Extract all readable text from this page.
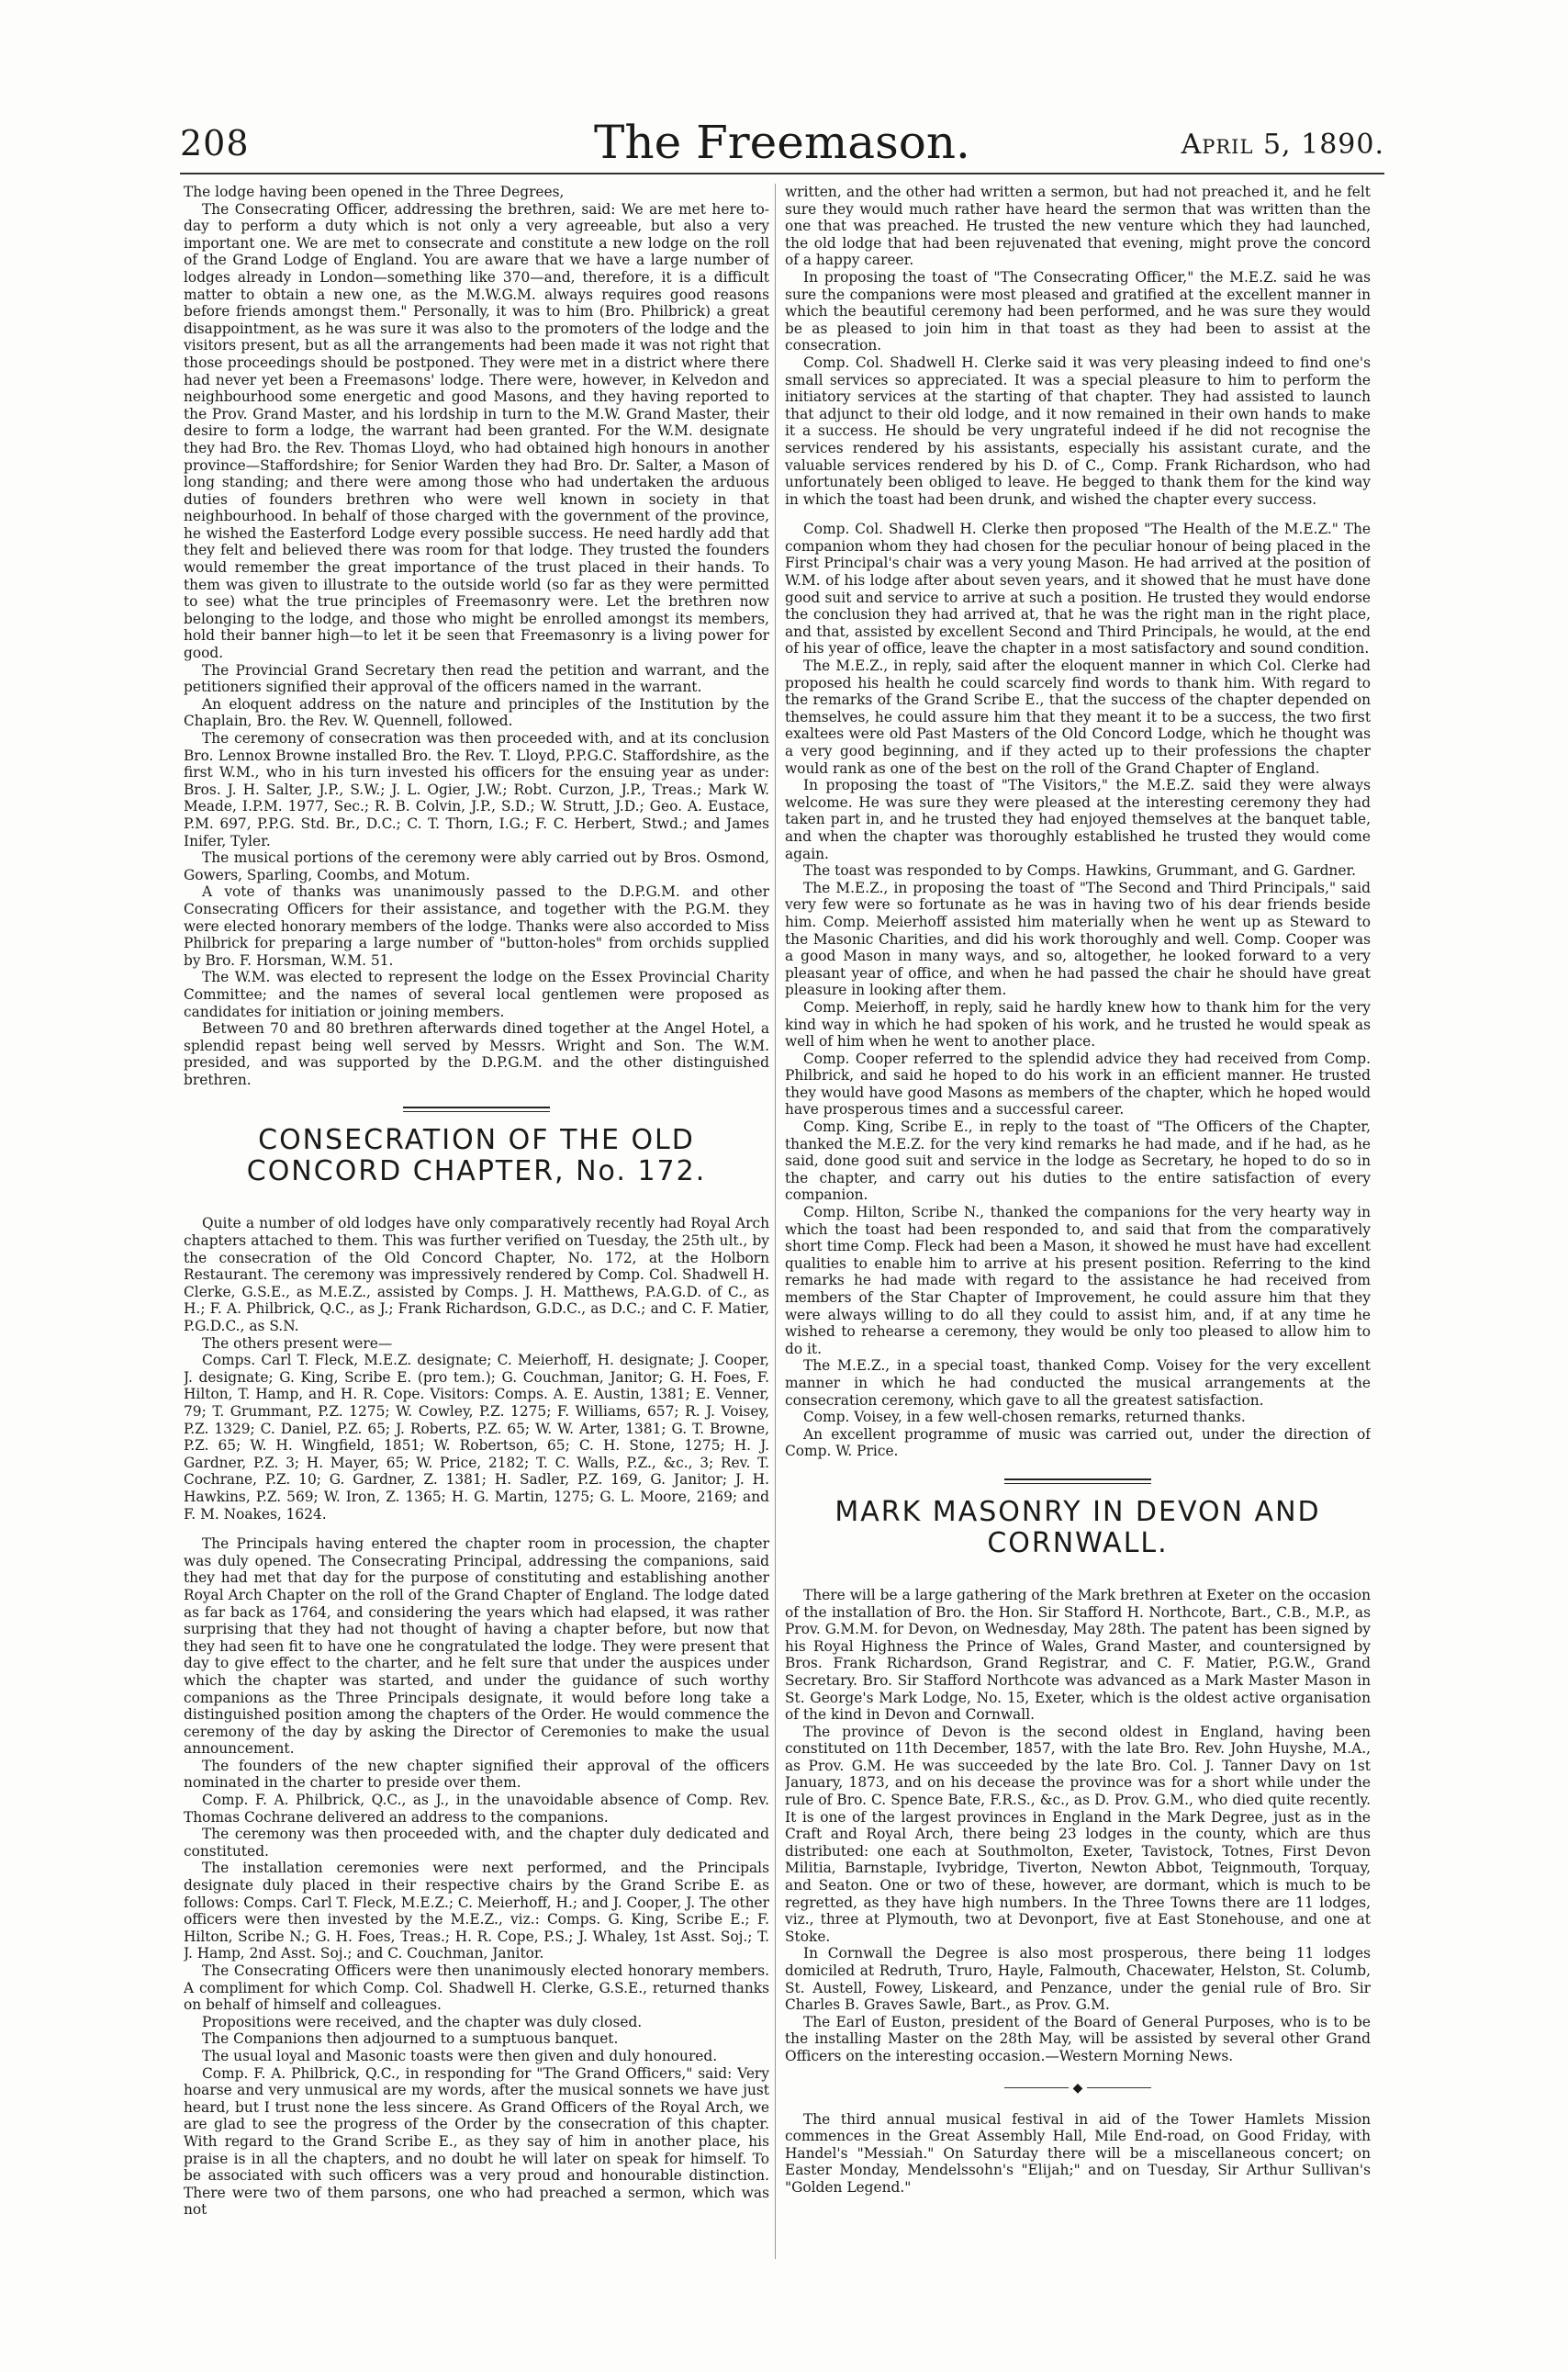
208	The Freemason.	April 5, 1890.

The lodge having been opened in the Three Degrees,

The Consecrating Officer, addressing the brethren, said: We are met here to-day to perform a duty which is not only a very agreeable, but also a very important one. We are met to consecrate and constitute a new lodge on the roll of the Grand Lodge of England. You are aware that we have a large number of lodges already in London—something like 370—and, therefore, it is a difficult matter to obtain a new one, as the M.W.G.M. always requires good reasons before friends amongst them." Personally, it was to him (Bro. Philbrick) a great disappointment, as he was sure it was also to the promoters of the lodge and the visitors present, but as all the arrangements had been made it was not right that those proceedings should be postponed. They were met in a district where there had never yet been a Freemasons' lodge. There were, however, in Kelvedon and neighbourhood some energetic and good Masons, and they having reported to the Prov. Grand Master, and his lordship in turn to the M.W. Grand Master, their desire to form a lodge, the warrant had been granted. For the W.M. designate they had Bro. the Rev. Thomas Lloyd, who had obtained high honours in another province—Staffordshire; for Senior Warden they had Bro. Dr. Salter, a Mason of long standing; and there were among those who had undertaken the arduous duties of founders brethren who were well known in society in that neighbourhood. In behalf of those charged with the government of the province, he wished the Easterford Lodge every possible success. He need hardly add that they felt and believed there was room for that lodge. They trusted the founders would remember the great importance of the trust placed in their hands. To them was given to illustrate to the outside world (so far as they were permitted to see) what the true principles of Freemasonry were. Let the brethren now belonging to the lodge, and those who might be enrolled amongst its members, hold their banner high—to let it be seen that Freemasonry is a living power for good.

The Provincial Grand Secretary then read the petition and warrant, and the petitioners signified their approval of the officers named in the warrant.

An eloquent address on the nature and principles of the Institution by the Chaplain, Bro. the Rev. W. Quennell, followed.

The ceremony of consecration was then proceeded with, and at its conclusion Bro. Lennox Browne installed Bro. the Rev. T. Lloyd, P.P.G.C. Staffordshire, as the first W.M., who in his turn invested his officers for the ensuing year as under: Bros. J. H. Salter, J.P., S.W.; J. L. Ogier, J.W.; Robt. Curzon, J.P., Treas.; Mark W. Meade, I.P.M. 1977, Sec.; R. B. Colvin, J.P., S.D.; W. Strutt, J.D.; Geo. A. Eustace, P.M. 697, P.P.G. Std. Br., D.C.; C. T. Thorn, I.G.; F. C. Herbert, Stwd.; and James Inifer, Tyler.

The musical portions of the ceremony were ably carried out by Bros. Osmond, Gowers, Sparling, Coombs, and Motum.

A vote of thanks was unanimously passed to the D.P.G.M. and other Consecrating Officers for their assistance, and together with the P.G.M. they were elected honorary members of the lodge. Thanks were also accorded to Miss Philbrick for preparing a large number of "button-holes" from orchids supplied by Bro. F. Horsman, W.M. 51.

The W.M. was elected to represent the lodge on the Essex Provincial Charity Committee; and the names of several local gentlemen were proposed as candidates for initiation or joining members.

Between 70 and 80 brethren afterwards dined together at the Angel Hotel, a splendid repast being well served by Messrs. Wright and Son. The W.M. presided, and was supported by the D.P.G.M. and the other distinguished brethren.

CONSECRATION OF THE OLD CONCORD CHAPTER, No. 172.

Quite a number of old lodges have only comparatively recently had Royal Arch chapters attached to them. This was further verified on Tuesday, the 25th ult., by the consecration of the Old Concord Chapter, No. 172, at the Holborn Restaurant. The ceremony was impressively rendered by Comp. Col. Shadwell H. Clerke, G.S.E., as M.E.Z., assisted by Comps. J. H. Matthews, P.A.G.D. of C., as H.; F. A. Philbrick, Q.C., as J.; Frank Richardson, G.D.C., as D.C.; and C. F. Matier, P.G.D.C., as S.N.

The others present were—

Comps. Carl T. Fleck, M.E.Z. designate; C. Meierhoff, H. designate; J. Cooper, J. designate; G. King, Scribe E. (pro tem.); G. Couchman, Janitor; G. H. Foes, F. Hilton, T. Hamp, and H. R. Cope. Visitors: Comps. A. E. Austin, 1381; E. Venner, 79; T. Grummant, P.Z. 1275; W. Cowley, P.Z. 1275; F. Williams, 657; R. J. Voisey, P.Z. 1329; C. Daniel, P.Z. 65; J. Roberts, P.Z. 65; W. W. Arter, 1381; G. T. Browne, P.Z. 65; W. H. Wingfield, 1851; W. Robertson, 65; C. H. Stone, 1275; H. J. Gardner, P.Z. 3; H. Mayer, 65; W. Price, 2182; T. C. Walls, P.Z., &c., 3; Rev. T. Cochrane, P.Z. 10; G. Gardner, Z. 1381; H. Sadler, P.Z. 169, G. Janitor; J. H. Hawkins, P.Z. 569; W. Iron, Z. 1365; H. G. Martin, 1275; G. L. Moore, 2169; and F. M. Noakes, 1624.

The Principals having entered the chapter room in procession, the chapter was duly opened. The Consecrating Principal, addressing the companions, said they had met that day for the purpose of constituting and establishing another Royal Arch Chapter on the roll of the Grand Chapter of England. The lodge dated as far back as 1764, and considering the years which had elapsed, it was rather surprising that they had not thought of having a chapter before, but now that they had seen fit to have one he congratulated the lodge. They were present that day to give effect to the charter, and he felt sure that under the auspices under which the chapter was started, and under the guidance of such worthy companions as the Three Principals designate, it would before long take a distinguished position among the chapters of the Order. He would commence the ceremony of the day by asking the Director of Ceremonies to make the usual announcement.

The founders of the new chapter signified their approval of the officers nominated in the charter to preside over them.

Comp. F. A. Philbrick, Q.C., as J., in the unavoidable absence of Comp. Rev. Thomas Cochrane delivered an address to the companions.

The ceremony was then proceeded with, and the chapter duly dedicated and constituted.

The installation ceremonies were next performed, and the Principals designate duly placed in their respective chairs by the Grand Scribe E. as follows: Comps. Carl T. Fleck, M.E.Z.; C. Meierhoff, H.; and J. Cooper, J. The other officers were then invested by the M.E.Z., viz.: Comps. G. King, Scribe E.; F. Hilton, Scribe N.; G. H. Foes, Treas.; H. R. Cope, P.S.; J. Whaley, 1st Asst. Soj.; T. J. Hamp, 2nd Asst. Soj.; and C. Couchman, Janitor.

The Consecrating Officers were then unanimously elected honorary members. A compliment for which Comp. Col. Shadwell H. Clerke, G.S.E., returned thanks on behalf of himself and colleagues.

Propositions were received, and the chapter was duly closed.

The Companions then adjourned to a sumptuous banquet.

The usual loyal and Masonic toasts were then given and duly honoured.

Comp. F. A. Philbrick, Q.C., in responding for "The Grand Officers," said: Very hoarse and very unmusical are my words, after the musical sonnets we have just heard, but I trust none the less sincere. As Grand Officers of the Royal Arch, we are glad to see the progress of the Order by the consecration of this chapter. With regard to the Grand Scribe E., as they say of him in another place, his praise is in all the chapters, and no doubt he will later on speak for himself. To be associated with such officers was a very proud and honourable distinction. There were two of them parsons, one who had preached a sermon, which was not

written, and the other had written a sermon, but had not preached it, and he felt sure they would much rather have heard the sermon that was written than the one that was preached. He trusted the new venture which they had launched, the old lodge that had been rejuvenated that evening, might prove the concord of a happy career.

In proposing the toast of "The Consecrating Officer," the M.E.Z. said he was sure the companions were most pleased and gratified at the excellent manner in which the beautiful ceremony had been performed, and he was sure they would be as pleased to join him in that toast as they had been to assist at the consecration.

Comp. Col. Shadwell H. Clerke said it was very pleasing indeed to find one's small services so appreciated. It was a special pleasure to him to perform the initiatory services at the starting of that chapter. They had assisted to launch that adjunct to their old lodge, and it now remained in their own hands to make it a success. He should be very ungrateful indeed if he did not recognise the services rendered by his assistants, especially his assistant curate, and the valuable services rendered by his D. of C., Comp. Frank Richardson, who had unfortunately been obliged to leave. He begged to thank them for the kind way in which the toast had been drunk, and wished the chapter every success.

Comp. Col. Shadwell H. Clerke then proposed "The Health of the M.E.Z." The companion whom they had chosen for the peculiar honour of being placed in the First Principal's chair was a very young Mason. He had arrived at the position of W.M. of his lodge after about seven years, and it showed that he must have done good suit and service to arrive at such a position. He trusted they would endorse the conclusion they had arrived at, that he was the right man in the right place, and that, assisted by excellent Second and Third Principals, he would, at the end of his year of office, leave the chapter in a most satisfactory and sound condition.

The M.E.Z., in reply, said after the eloquent manner in which Col. Clerke had proposed his health he could scarcely find words to thank him. With regard to the remarks of the Grand Scribe E., that the success of the chapter depended on themselves, he could assure him that they meant it to be a success, the two first exaltees were old Past Masters of the Old Concord Lodge, which he thought was a very good beginning, and if they acted up to their professions the chapter would rank as one of the best on the roll of the Grand Chapter of England.

In proposing the toast of "The Visitors," the M.E.Z. said they were always welcome. He was sure they were pleased at the interesting ceremony they had taken part in, and he trusted they had enjoyed themselves at the banquet table, and when the chapter was thoroughly established he trusted they would come again.

The toast was responded to by Comps. Hawkins, Grummant, and G. Gardner.

The M.E.Z., in proposing the toast of "The Second and Third Principals," said very few were so fortunate as he was in having two of his dear friends beside him. Comp. Meierhoff assisted him materially when he went up as Steward to the Masonic Charities, and did his work thoroughly and well. Comp. Cooper was a good Mason in many ways, and so, altogether, he looked forward to a very pleasant year of office, and when he had passed the chair he should have great pleasure in looking after them.

Comp. Meierhoff, in reply, said he hardly knew how to thank him for the very kind way in which he had spoken of his work, and he trusted he would speak as well of him when he went to another place.

Comp. Cooper referred to the splendid advice they had received from Comp. Philbrick, and said he hoped to do his work in an efficient manner. He trusted they would have good Masons as members of the chapter, which he hoped would have prosperous times and a successful career.

Comp. King, Scribe E., in reply to the toast of "The Officers of the Chapter, thanked the M.E.Z. for the very kind remarks he had made, and if he had, as he said, done good suit and service in the lodge as Secretary, he hoped to do so in the chapter, and carry out his duties to the entire satisfaction of every companion.

Comp. Hilton, Scribe N., thanked the companions for the very hearty way in which the toast had been responded to, and said that from the comparatively short time Comp. Fleck had been a Mason, it showed he must have had excellent qualities to enable him to arrive at his present position. Referring to the kind remarks he had made with regard to the assistance he had received from members of the Star Chapter of Improvement, he could assure him that they were always willing to do all they could to assist him, and, if at any time he wished to rehearse a ceremony, they would be only too pleased to allow him to do it.

The M.E.Z., in a special toast, thanked Comp. Voisey for the very excellent manner in which he had conducted the musical arrangements at the consecration ceremony, which gave to all the greatest satisfaction.

Comp. Voisey, in a few well-chosen remarks, returned thanks.

An excellent programme of music was carried out, under the direction of Comp. W. Price.

MARK MASONRY IN DEVON AND CORNWALL.

There will be a large gathering of the Mark brethren at Exeter on the occasion of the installation of Bro. the Hon. Sir Stafford H. Northcote, Bart., C.B., M.P., as Prov. G.M.M. for Devon, on Wednesday, May 28th. The patent has been signed by his Royal Highness the Prince of Wales, Grand Master, and countersigned by Bros. Frank Richardson, Grand Registrar, and C. F. Matier, P.G.W., Grand Secretary. Bro. Sir Stafford Northcote was advanced as a Mark Master Mason in St. George's Mark Lodge, No. 15, Exeter, which is the oldest active organisation of the kind in Devon and Cornwall.

The province of Devon is the second oldest in England, having been constituted on 11th December, 1857, with the late Bro. Rev. John Huyshe, M.A., as Prov. G.M. He was succeeded by the late Bro. Col. J. Tanner Davy on 1st January, 1873, and on his decease the province was for a short while under the rule of Bro. C. Spence Bate, F.R.S., &c., as D. Prov. G.M., who died quite recently. It is one of the largest provinces in England in the Mark Degree, just as in the Craft and Royal Arch, there being 23 lodges in the county, which are thus distributed: one each at Southmolton, Exeter, Tavistock, Totnes, First Devon Militia, Barnstaple, Ivybridge, Tiverton, Newton Abbot, Teignmouth, Torquay, and Seaton. One or two of these, however, are dormant, which is much to be regretted, as they have high numbers. In the Three Towns there are 11 lodges, viz., three at Plymouth, two at Devonport, five at East Stonehouse, and one at Stoke.

In Cornwall the Degree is also most prosperous, there being 11 lodges domiciled at Redruth, Truro, Hayle, Falmouth, Chacewater, Helston, St. Columb, St. Austell, Fowey, Liskeard, and Penzance, under the genial rule of Bro. Sir Charles B. Graves Sawle, Bart., as Prov. G.M.

The Earl of Euston, president of the Board of General Purposes, who is to be the installing Master on the 28th May, will be assisted by several other Grand Officers on the interesting occasion.—Western Morning News.

◆

The third annual musical festival in aid of the Tower Hamlets Mission commences in the Great Assembly Hall, Mile End-road, on Good Friday, with Handel's "Messiah." On Saturday there will be a miscellaneous concert; on Easter Monday, Mendelssohn's "Elijah;" and on Tuesday, Sir Arthur Sullivan's "Golden Legend."
